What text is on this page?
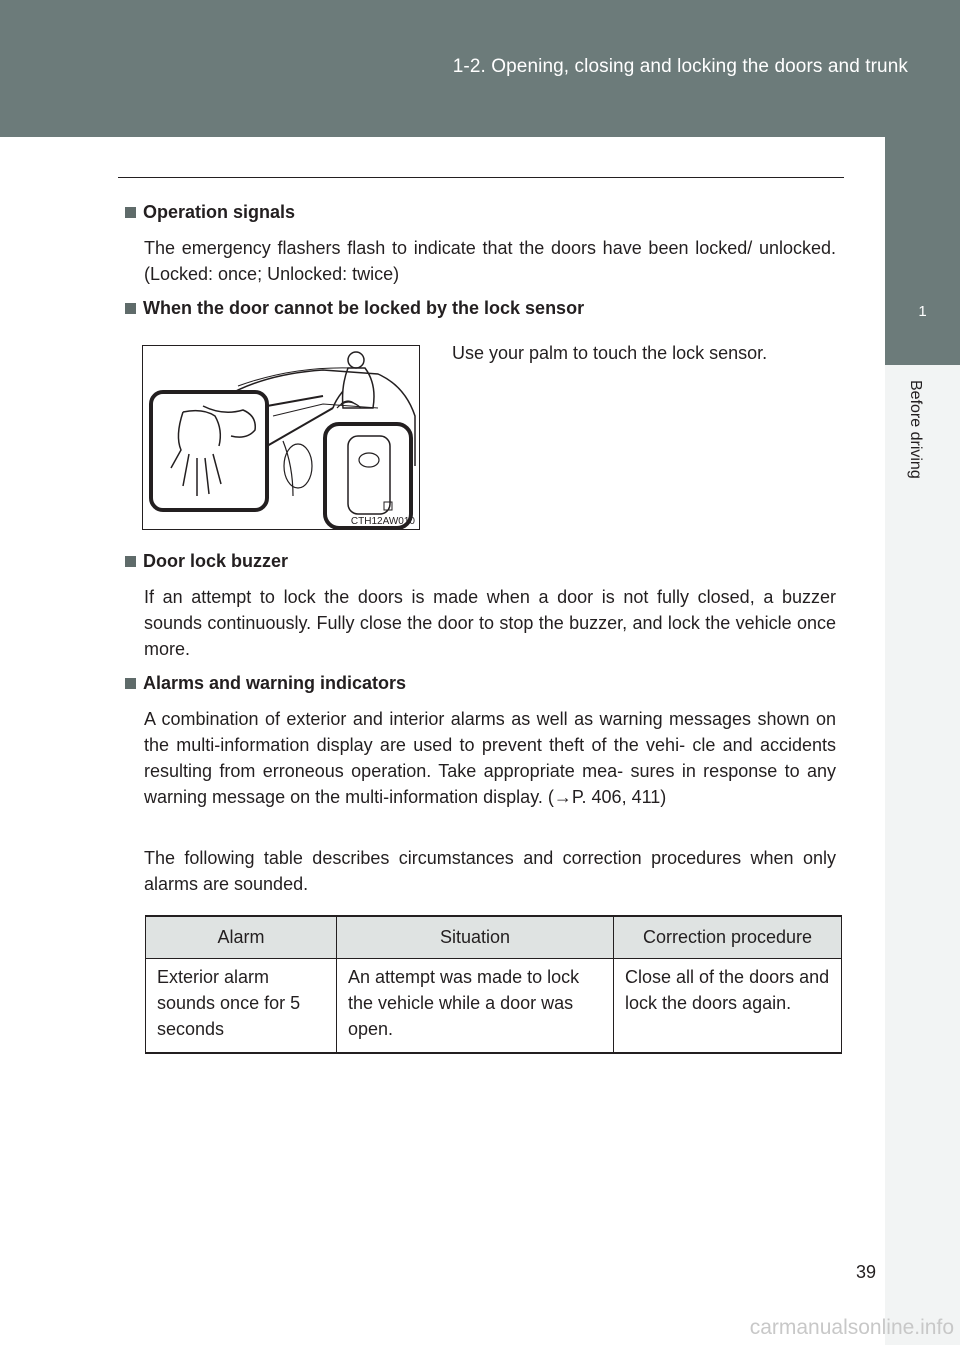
1-2. Opening, closing and locking the doors and trunk
1
Before driving
Operation signals
The emergency flashers flash to indicate that the doors have been locked/ unlocked. (Locked: once; Unlocked: twice)
When the door cannot be locked by the lock sensor
Use your palm to touch the lock sensor.
CTH12AW010
Door lock buzzer
If an attempt to lock the doors is made when a door is not fully closed, a buzzer sounds continuously. Fully close the door to stop the buzzer, and lock the vehicle once more.
Alarms and warning indicators
A combination of exterior and interior alarms as well as warning messages shown on the multi-information display are used to prevent theft of the vehi- cle and accidents resulting from erroneous operation. Take appropriate mea- sures in response to any warning message on the multi-information display. (→P. 406, 411)
The following table describes circumstances and correction procedures when only alarms are sounded.
Alarm	Situation	Correction procedure
Exterior alarm sounds once for 5 seconds	An attempt was made to lock the vehicle while a door was open.	Close all of the doors and lock the doors again.
39
carmanualsonline.info
